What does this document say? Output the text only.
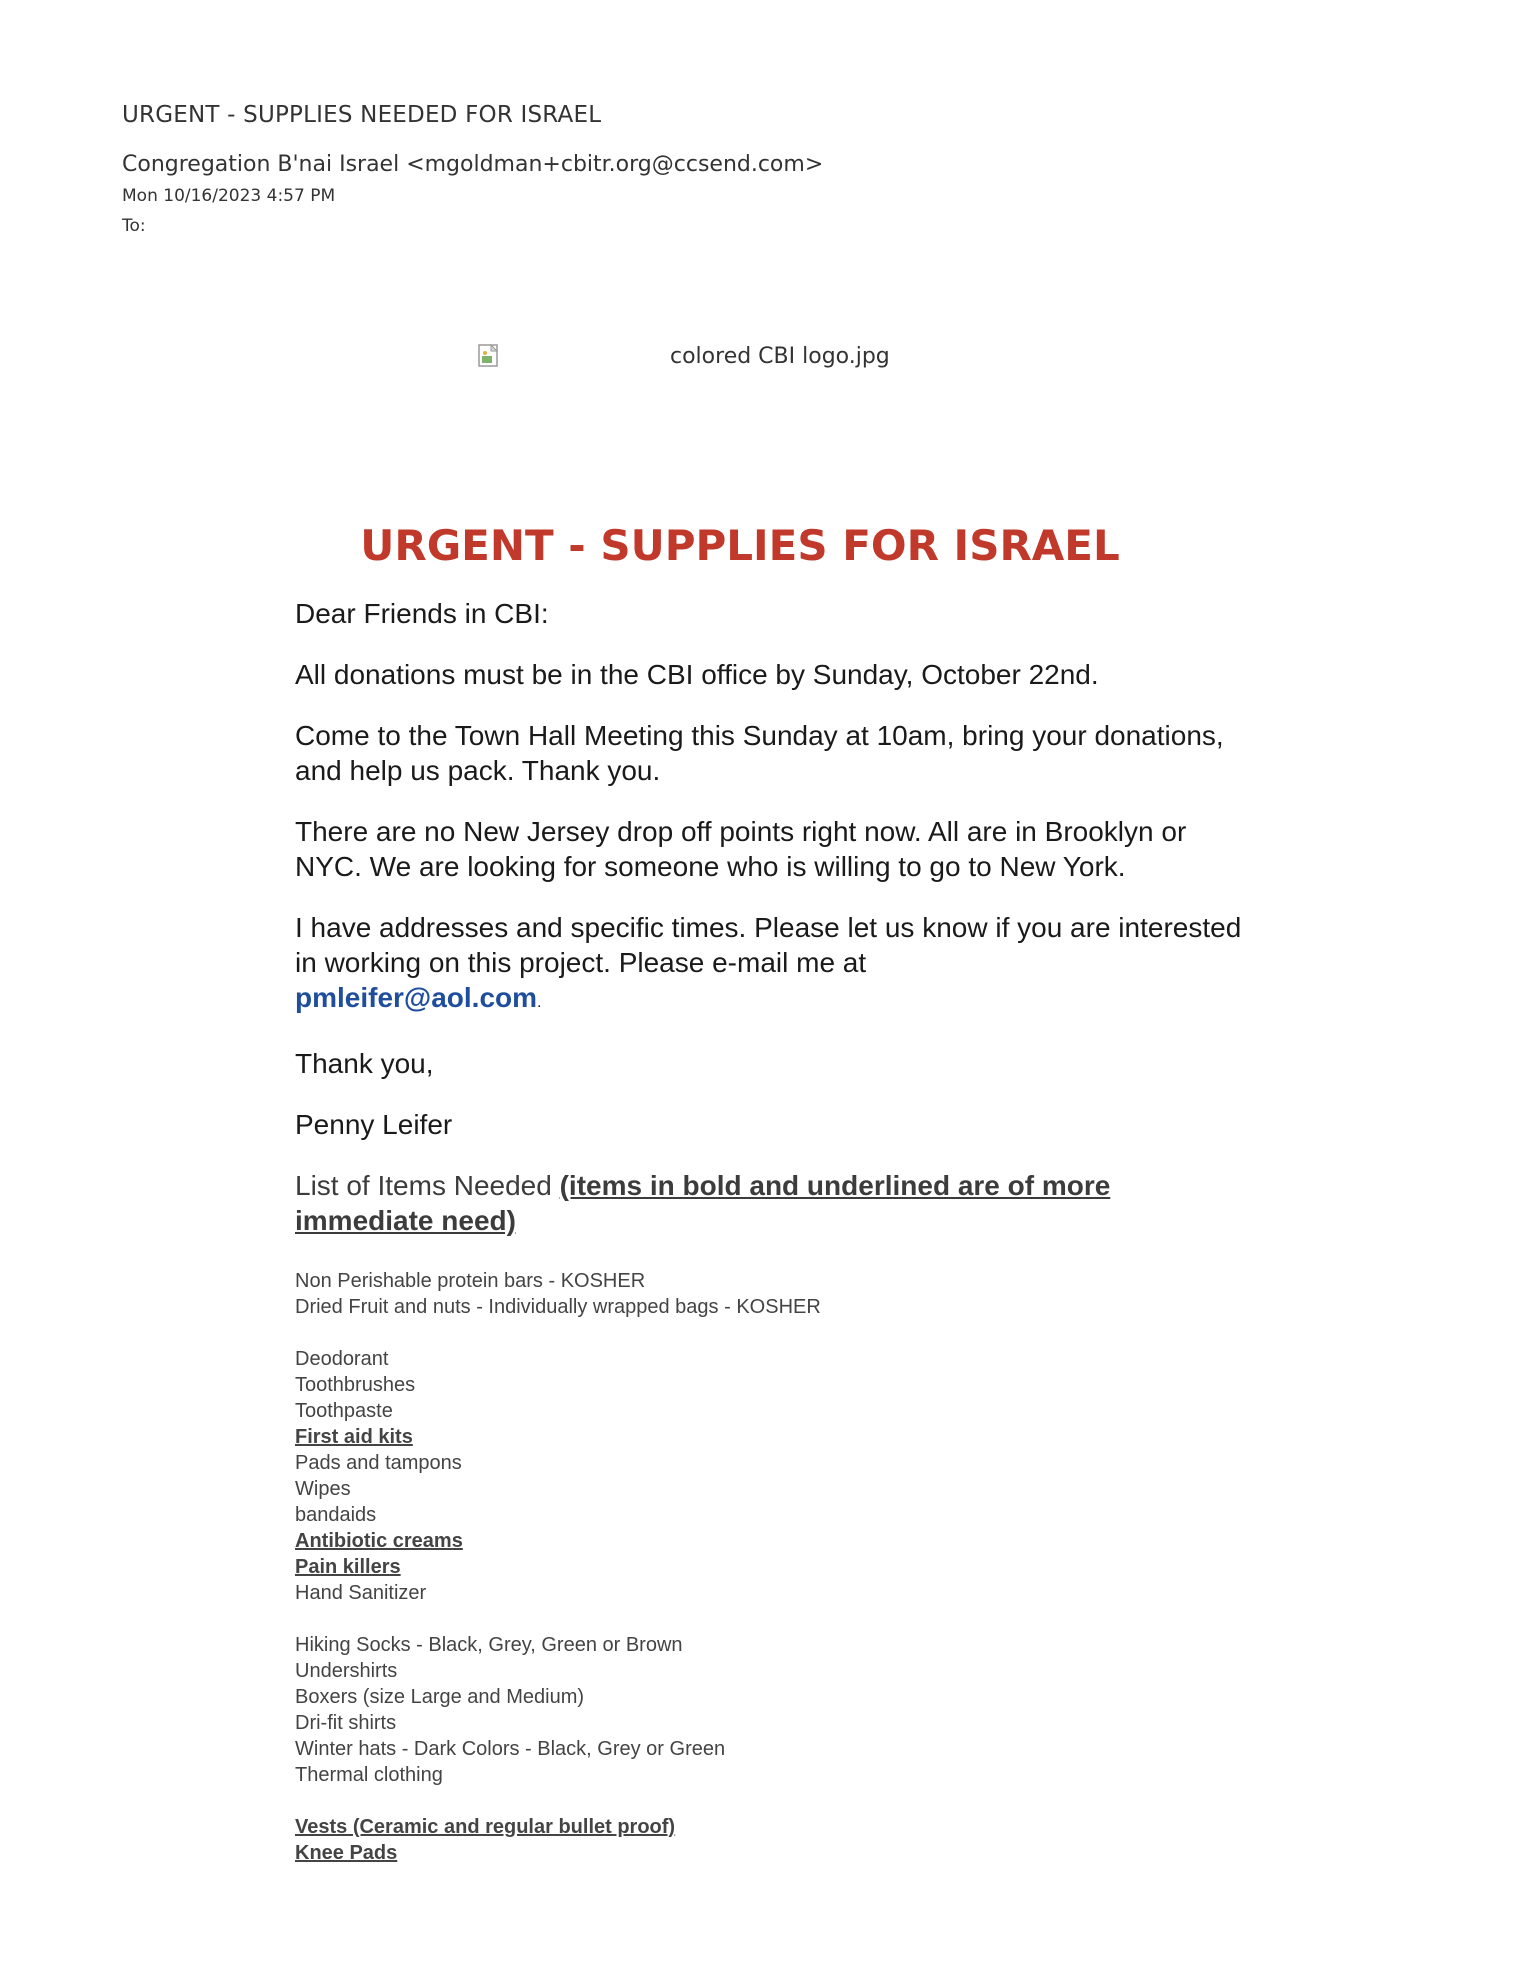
URGENT - SUPPLIES NEEDED FOR ISRAEL
Congregation B'nai Israel <mgoldman+cbitr.org@ccsend.com>
Mon 10/16/2023 4:57 PM
To:
colored CBI logo.jpg
URGENT - SUPPLIES FOR ISRAEL

Dear Friends in CBI:

All donations must be in the CBI office by Sunday, October 22nd.

Come to the Town Hall Meeting this Sunday at 10am, bring your donations, and help us pack. Thank you.

There are no New Jersey drop off points right now. All are in Brooklyn or NYC. We are looking for someone who is willing to go to New York.

I have addresses and specific times. Please let us know if you are interested in working on this project. Please e-mail me at
pmleifer@aol.com.

Thank you,

Penny Leifer

List of Items Needed (items in bold and underlined are of more immediate need)

Non Perishable protein bars - KOSHER
Dried Fruit and nuts - Individually wrapped bags - KOSHER
Deodorant
Toothbrushes
Toothpaste
First aid kits
Pads and tampons
Wipes
bandaids
Antibiotic creams
Pain killers
Hand Sanitizer
Hiking Socks - Black, Grey, Green or Brown
Undershirts
Boxers (size Large and Medium)
Dri-fit shirts
Winter hats - Dark Colors - Black, Grey or Green
Thermal clothing
Vests (Ceramic and regular bullet proof)
Knee Pads
